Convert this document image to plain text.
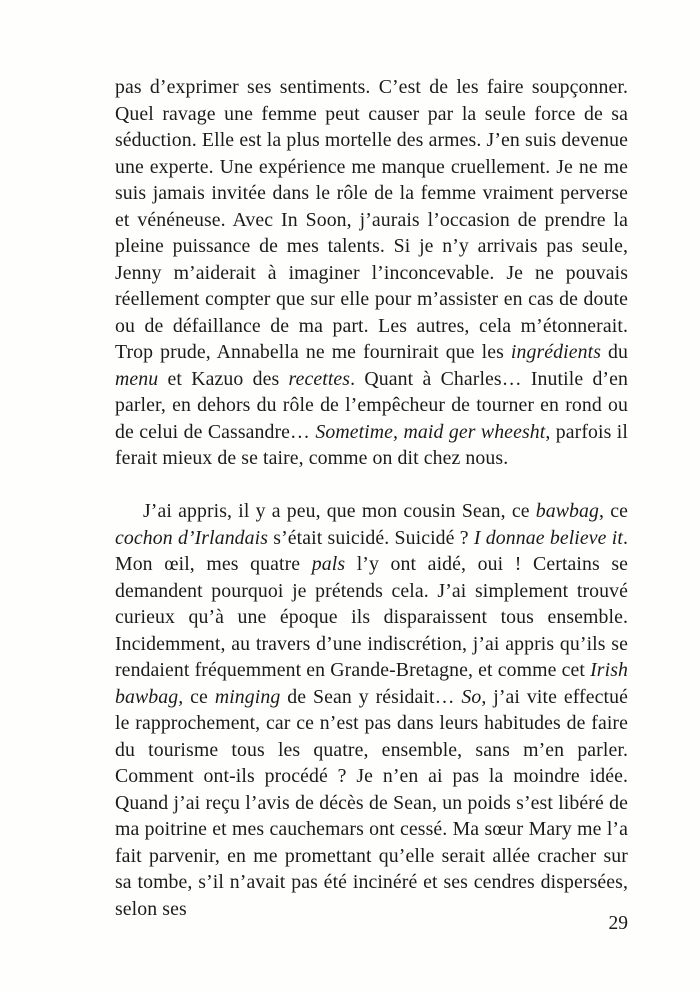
pas d’exprimer ses sentiments. C’est de les faire soupçonner. Quel ravage une femme peut causer par la seule force de sa séduction. Elle est la plus mortelle des armes. J’en suis devenue une experte. Une expérience me manque cruellement. Je ne me suis jamais invitée dans le rôle de la femme vraiment perverse et vénéneuse. Avec In Soon, j’aurais l’occasion de prendre la pleine puissance de mes talents. Si je n’y arrivais pas seule, Jenny m’aiderait à imaginer l’inconcevable. Je ne pouvais réellement compter que sur elle pour m’assister en cas de doute ou de défaillance de ma part. Les autres, cela m’étonnerait. Trop prude, Annabella ne me fournirait que les ingrédients du menu et Kazuo des recettes. Quant à Charles… Inutile d’en parler, en dehors du rôle de l’empêcheur de tourner en rond ou de celui de Cassandre… Sometime, maid ger wheesht, parfois il ferait mieux de se taire, comme on dit chez nous.

J’ai appris, il y a peu, que mon cousin Sean, ce bawbag, ce cochon d’Irlandais s’était suicidé. Suicidé ? I donnae believe it. Mon œil, mes quatre pals l’y ont aidé, oui ! Certains se demandent pourquoi je prétends cela. J’ai simplement trouvé curieux qu’à une époque ils disparaissent tous ensemble. Incidemment, au travers d’une indiscrétion, j’ai appris qu’ils se rendaient fréquemment en Grande-Bretagne, et comme cet Irish bawbag, ce minging de Sean y résidait… So, j’ai vite effectué le rapprochement, car ce n’est pas dans leurs habitudes de faire du tourisme tous les quatre, ensemble, sans m’en parler. Comment ont-ils procédé ? Je n’en ai pas la moindre idée. Quand j’ai reçu l’avis de décès de Sean, un poids s’est libéré de ma poitrine et mes cauchemars ont cessé. Ma sœur Mary me l’a fait parvenir, en me promettant qu’elle serait allée cracher sur sa tombe, s’il n’avait pas été incinéré et ses cendres dispersées, selon ses

29
